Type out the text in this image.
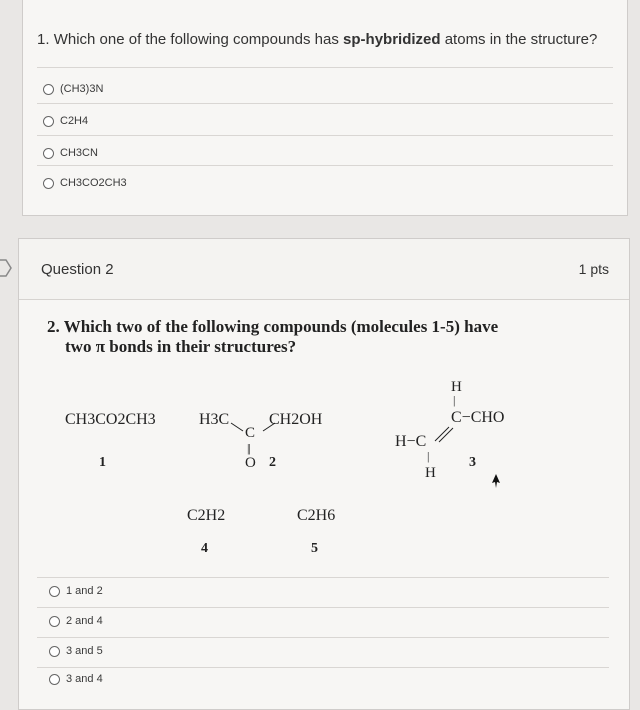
1. Which one of the following compounds has sp-hybridized atoms in the structure?
(CH3)3N
C2H4
CH3CN
CH3CO2CH3
Question 2	1 pts
2. Which two of the following compounds (molecules 1-5) have
two π bonds in their structures?
CH3CO2CH3
1
H3C CH2OH
C
||
O 2
H
|
C−CHO
H−C
|
H
3
C2H2
4
C2H6
5
1 and 2
2 and 4
3 and 5
3 and 4
